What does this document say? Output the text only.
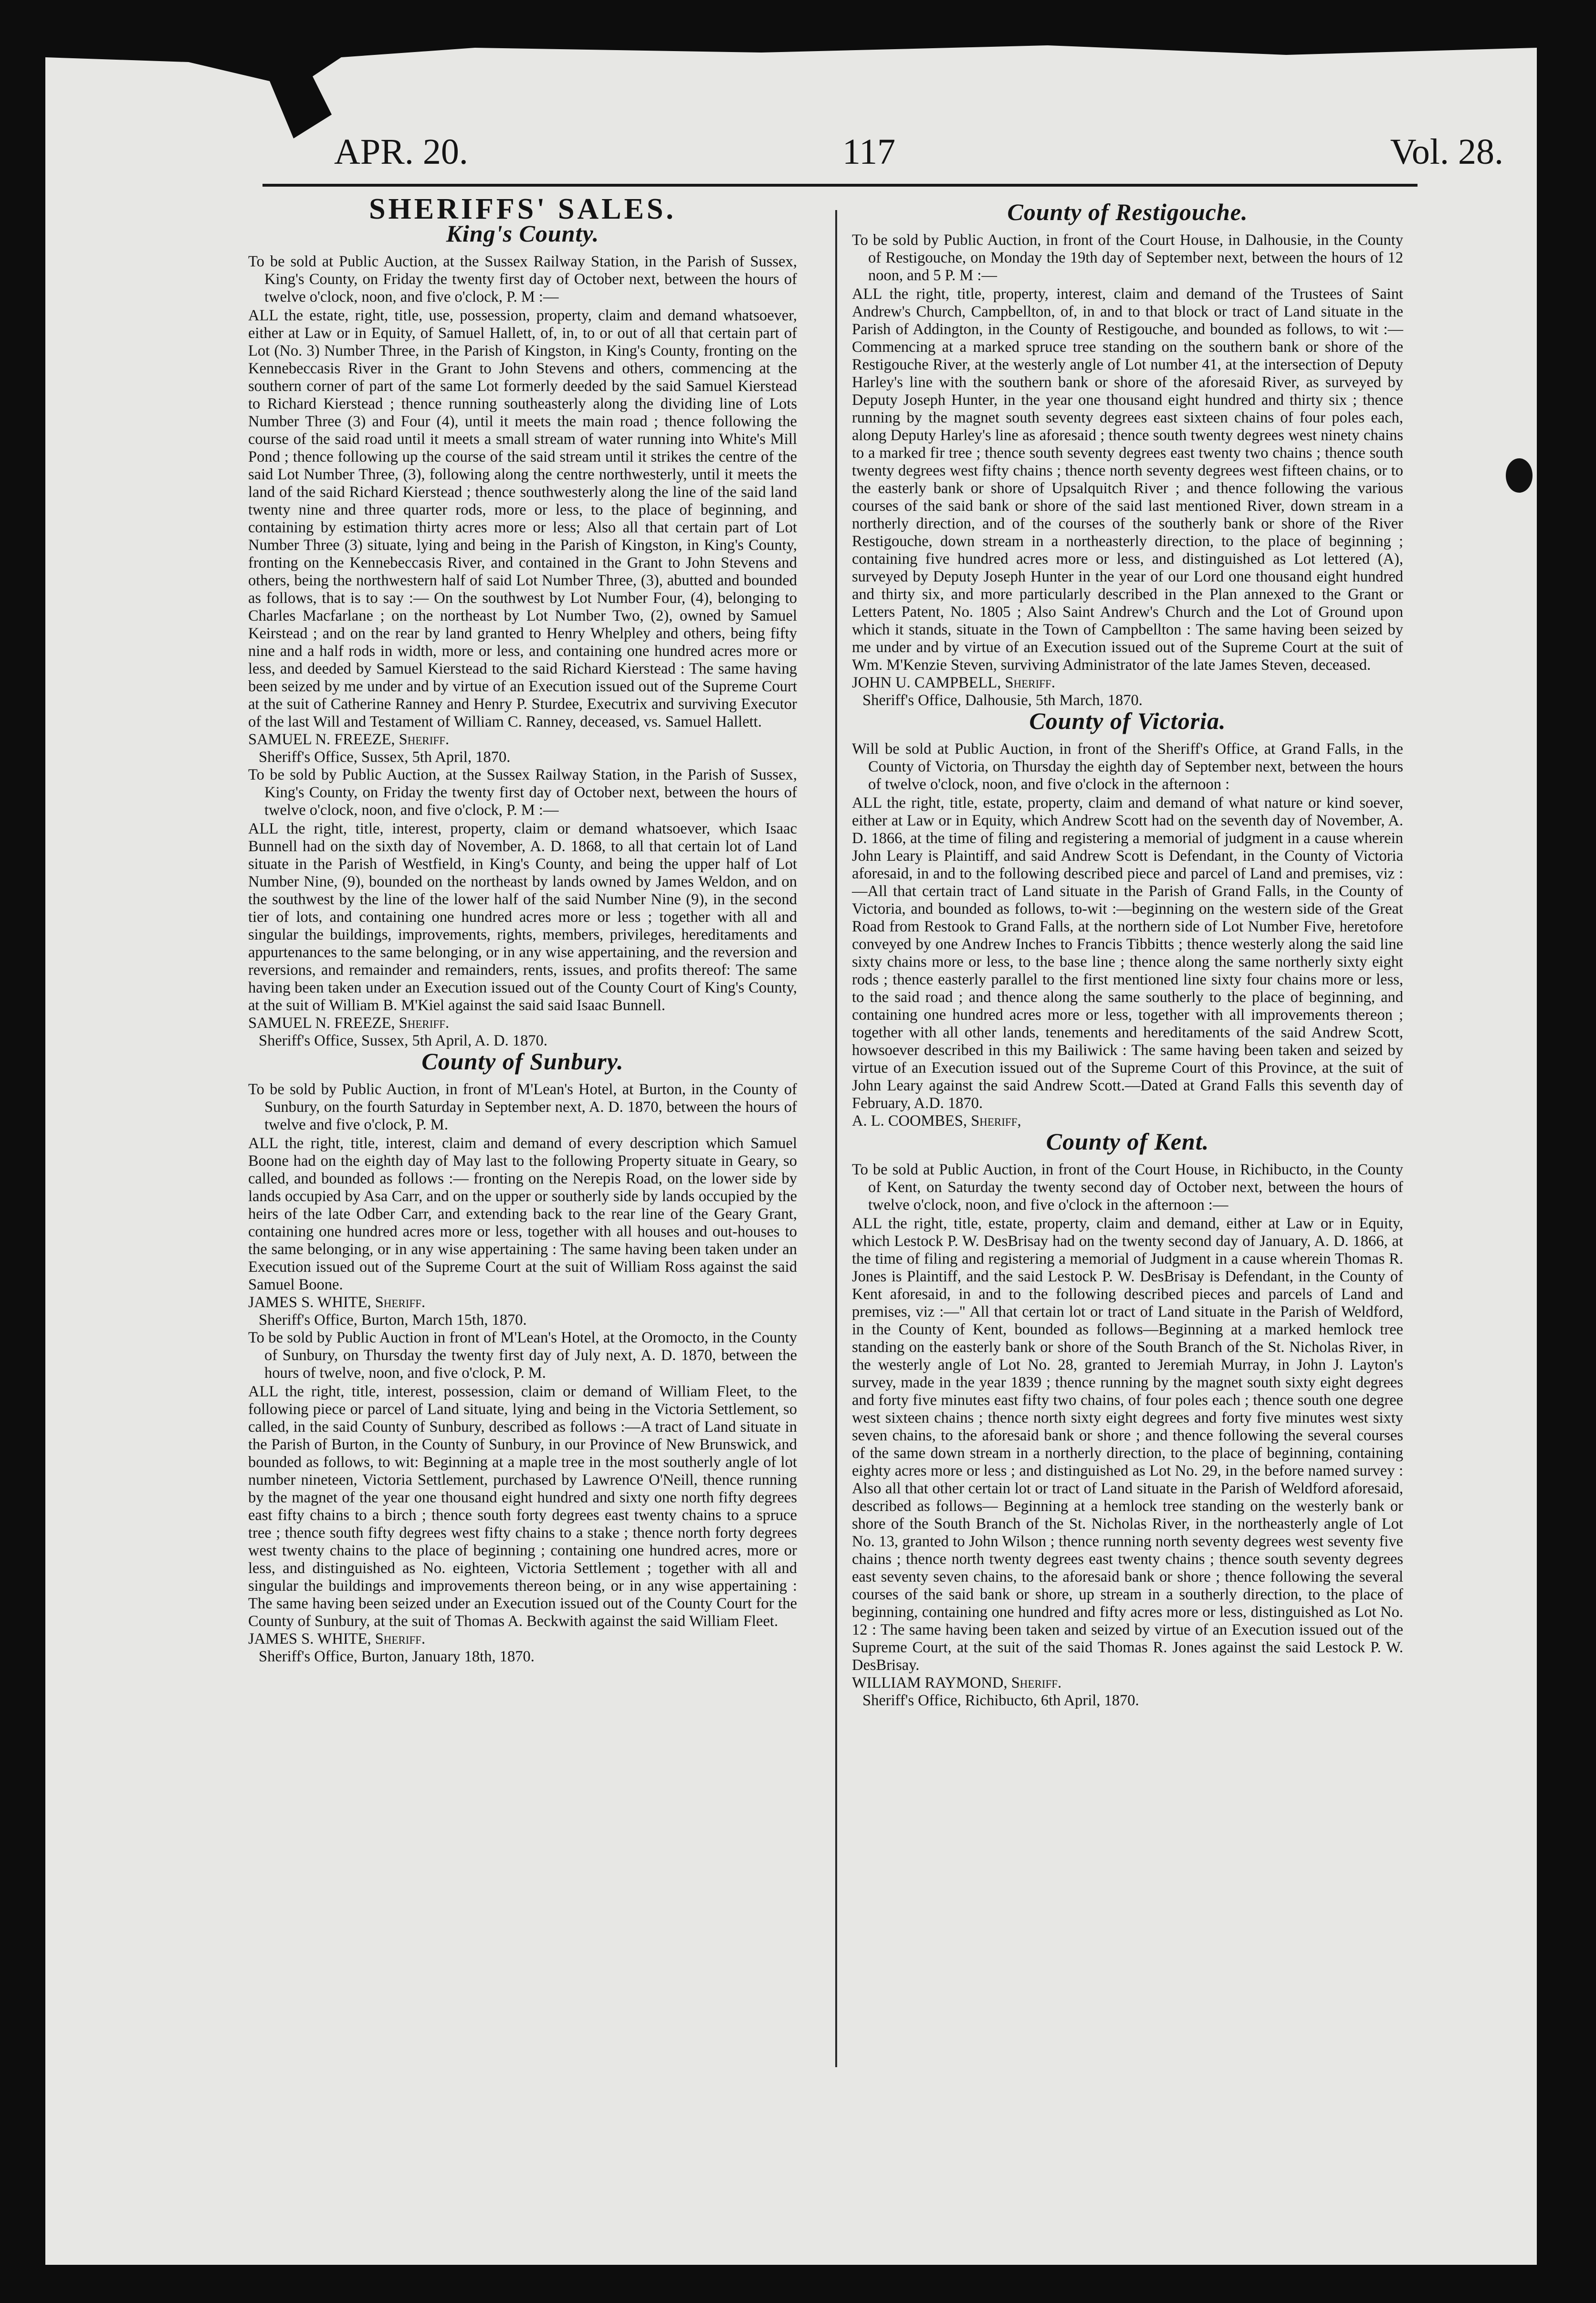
APR. 20.	117	Vol. 28.
SHERIFFS' SALES.
King's County.

To be sold at Public Auction, at the Sussex Railway Station, in the Parish of Sussex, King's County, on Friday the twenty first day of October next, between the hours of twelve o'clock, noon, and five o'clock, P. M :—

ALL the estate, right, title, use, possession, property, claim and demand whatsoever, either at Law or in Equity, of Samuel Hallett, of, in, to or out of all that certain part of Lot (No. 3) Number Three, in the Parish of Kingston, in King's County, fronting on the Kennebeccasis River in the Grant to John Stevens and others, commencing at the southern corner of part of the same Lot formerly deeded by the said Samuel Kierstead to Richard Kierstead ; thence running southeasterly along the dividing line of Lots Number Three (3) and Four (4), until it meets the main road ; thence following the course of the said road until it meets a small stream of water running into White's Mill Pond ; thence following up the course of the said stream until it strikes the centre of the said Lot Number Three, (3), following along the centre northwesterly, until it meets the land of the said Richard Kierstead ; thence southwesterly along the line of the said land twenty nine and three quarter rods, more or less, to the place of beginning, and containing by estimation thirty acres more or less; Also all that certain part of Lot Number Three (3) situate, lying and being in the Parish of Kingston, in King's County, fronting on the Kennebeccasis River, and contained in the Grant to John Stevens and others, being the northwestern half of said Lot Number Three, (3), abutted and bounded as follows, that is to say :— On the southwest by Lot Number Four, (4), belonging to Charles Macfarlane ; on the northeast by Lot Number Two, (2), owned by Samuel Keirstead ; and on the rear by land granted to Henry Whelpley and others, being fifty nine and a half rods in width, more or less, and containing one hundred acres more or less, and deeded by Samuel Kierstead to the said Richard Kierstead : The same having been seized by me under and by virtue of an Execution issued out of the Supreme Court at the suit of Catherine Ranney and Henry P. Sturdee, Executrix and surviving Executor of the last Will and Testament of William C. Ranney, deceased, vs. Samuel Hallett.

SAMUEL N. FREEZE, Sheriff.

Sheriff's Office, Sussex, 5th April, 1870.

To be sold by Public Auction, at the Sussex Railway Station, in the Parish of Sussex, King's County, on Friday the twenty first day of October next, between the hours of twelve o'clock, noon, and five o'clock, P. M :—

ALL the right, title, interest, property, claim or demand whatsoever, which Isaac Bunnell had on the sixth day of November, A. D. 1868, to all that certain lot of Land situate in the Parish of Westfield, in King's County, and being the upper half of Lot Number Nine, (9), bounded on the northeast by lands owned by James Weldon, and on the southwest by the line of the lower half of the said Number Nine (9), in the second tier of lots, and containing one hundred acres more or less ; together with all and singular the buildings, improvements, rights, members, privileges, hereditaments and appurtenances to the same belonging, or in any wise appertaining, and the reversion and reversions, and remainder and remainders, rents, issues, and profits thereof: The same having been taken under an Execution issued out of the County Court of King's County, at the suit of William B. M'Kiel against the said said Isaac Bunnell.

SAMUEL N. FREEZE, Sheriff.

Sheriff's Office, Sussex, 5th April, A. D. 1870.

County of Sunbury.

To be sold by Public Auction, in front of M'Lean's Hotel, at Burton, in the County of Sunbury, on the fourth Saturday in September next, A. D. 1870, between the hours of twelve and five o'clock, P. M.

ALL the right, title, interest, claim and demand of every description which Samuel Boone had on the eighth day of May last to the following Property situate in Geary, so called, and bounded as follows :— fronting on the Nerepis Road, on the lower side by lands occupied by Asa Carr, and on the upper or southerly side by lands occupied by the heirs of the late Odber Carr, and extending back to the rear line of the Geary Grant, containing one hundred acres more or less, together with all houses and out-houses to the same belonging, or in any wise appertaining : The same having been taken under an Execution issued out of the Supreme Court at the suit of William Ross against the said Samuel Boone.

JAMES S. WHITE, Sheriff.

Sheriff's Office, Burton, March 15th, 1870.

To be sold by Public Auction in front of M'Lean's Hotel, at the Oromocto, in the County of Sunbury, on Thursday the twenty first day of July next, A. D. 1870, between the hours of twelve, noon, and five o'clock, P. M.

ALL the right, title, interest, possession, claim or demand of William Fleet, to the following piece or parcel of Land situate, lying and being in the Victoria Settlement, so called, in the said County of Sunbury, described as follows :—A tract of Land situate in the Parish of Burton, in the County of Sunbury, in our Province of New Brunswick, and bounded as follows, to wit: Beginning at a maple tree in the most southerly angle of lot number nineteen, Victoria Settlement, purchased by Lawrence O'Neill, thence running by the magnet of the year one thousand eight hundred and sixty one north fifty degrees east fifty chains to a birch ; thence south forty degrees east twenty chains to a spruce tree ; thence south fifty degrees west fifty chains to a stake ; thence north forty degrees west twenty chains to the place of beginning ; containing one hundred acres, more or less, and distinguished as No. eighteen, Victoria Settlement ; together with all and singular the buildings and improvements thereon being, or in any wise appertaining : The same having been seized under an Execution issued out of the County Court for the County of Sunbury, at the suit of Thomas A. Beckwith against the said William Fleet.

JAMES S. WHITE, Sheriff.

Sheriff's Office, Burton, January 18th, 1870.

County of Restigouche.

To be sold by Public Auction, in front of the Court House, in Dalhousie, in the County of Restigouche, on Monday the 19th day of September next, between the hours of 12 noon, and 5 P. M :—

ALL the right, title, property, interest, claim and demand of the Trustees of Saint Andrew's Church, Campbellton, of, in and to that block or tract of Land situate in the Parish of Addington, in the County of Restigouche, and bounded as follows, to wit :—Commencing at a marked spruce tree standing on the southern bank or shore of the Restigouche River, at the westerly angle of Lot number 41, at the intersection of Deputy Harley's line with the southern bank or shore of the aforesaid River, as surveyed by Deputy Joseph Hunter, in the year one thousand eight hundred and thirty six ; thence running by the magnet south seventy degrees east sixteen chains of four poles each, along Deputy Harley's line as aforesaid ; thence south twenty degrees west ninety chains to a marked fir tree ; thence south seventy degrees east twenty two chains ; thence south twenty degrees west fifty chains ; thence north seventy degrees west fifteen chains, or to the easterly bank or shore of Upsalquitch River ; and thence following the various courses of the said bank or shore of the said last mentioned River, down stream in a northerly direction, and of the courses of the southerly bank or shore of the River Restigouche, down stream in a northeasterly direction, to the place of beginning ; containing five hundred acres more or less, and distinguished as Lot lettered (A), surveyed by Deputy Joseph Hunter in the year of our Lord one thousand eight hundred and thirty six, and more particularly described in the Plan annexed to the Grant or Letters Patent, No. 1805 ; Also Saint Andrew's Church and the Lot of Ground upon which it stands, situate in the Town of Campbellton : The same having been seized by me under and by virtue of an Execution issued out of the Supreme Court at the suit of Wm. M'Kenzie Steven, surviving Administrator of the late James Steven, deceased.

JOHN U. CAMPBELL, Sheriff.

Sheriff's Office, Dalhousie, 5th March, 1870.

County of Victoria.

Will be sold at Public Auction, in front of the Sheriff's Office, at Grand Falls, in the County of Victoria, on Thursday the eighth day of September next, between the hours of twelve o'clock, noon, and five o'clock in the afternoon :

ALL the right, title, estate, property, claim and demand of what nature or kind soever, either at Law or in Equity, which Andrew Scott had on the seventh day of November, A. D. 1866, at the time of filing and registering a memorial of judgment in a cause wherein John Leary is Plaintiff, and said Andrew Scott is Defendant, in the County of Victoria aforesaid, in and to the following described piece and parcel of Land and premises, viz :—All that certain tract of Land situate in the Parish of Grand Falls, in the County of Victoria, and bounded as follows, to-wit :—beginning on the western side of the Great Road from Restook to Grand Falls, at the northern side of Lot Number Five, heretofore conveyed by one Andrew Inches to Francis Tibbitts ; thence westerly along the said line sixty chains more or less, to the base line ; thence along the same northerly sixty eight rods ; thence easterly parallel to the first mentioned line sixty four chains more or less, to the said road ; and thence along the same southerly to the place of beginning, and containing one hundred acres more or less, together with all improvements thereon ; together with all other lands, tenements and hereditaments of the said Andrew Scott, howsoever described in this my Bailiwick : The same having been taken and seized by virtue of an Execution issued out of the Supreme Court of this Province, at the suit of John Leary against the said Andrew Scott.—Dated at Grand Falls this seventh day of February, A.D. 1870.

A. L. COOMBES, Sheriff,

County of Kent.

To be sold at Public Auction, in front of the Court House, in Richibucto, in the County of Kent, on Saturday the twenty second day of October next, between the hours of twelve o'clock, noon, and five o'clock in the afternoon :—

ALL the right, title, estate, property, claim and demand, either at Law or in Equity, which Lestock P. W. DesBrisay had on the twenty second day of January, A. D. 1866, at the time of filing and registering a memorial of Judgment in a cause wherein Thomas R. Jones is Plaintiff, and the said Lestock P. W. DesBrisay is Defendant, in the County of Kent aforesaid, in and to the following described pieces and parcels of Land and premises, viz :—" All that certain lot or tract of Land situate in the Parish of Weldford, in the County of Kent, bounded as follows—Beginning at a marked hemlock tree standing on the easterly bank or shore of the South Branch of the St. Nicholas River, in the westerly angle of Lot No. 28, granted to Jeremiah Murray, in John J. Layton's survey, made in the year 1839 ; thence running by the magnet south sixty eight degrees and forty five minutes east fifty two chains, of four poles each ; thence south one degree west sixteen chains ; thence north sixty eight degrees and forty five minutes west sixty seven chains, to the aforesaid bank or shore ; and thence following the several courses of the same down stream in a northerly direction, to the place of beginning, containing eighty acres more or less ; and distinguished as Lot No. 29, in the before named survey : Also all that other certain lot or tract of Land situate in the Parish of Weldford aforesaid, described as follows— Beginning at a hemlock tree standing on the westerly bank or shore of the South Branch of the St. Nicholas River, in the northeasterly angle of Lot No. 13, granted to John Wilson ; thence running north seventy degrees west seventy five chains ; thence north twenty degrees east twenty chains ; thence south seventy degrees east seventy seven chains, to the aforesaid bank or shore ; thence following the several courses of the said bank or shore, up stream in a southerly direction, to the place of beginning, containing one hundred and fifty acres more or less, distinguished as Lot No. 12 : The same having been taken and seized by virtue of an Execution issued out of the Supreme Court, at the suit of the said Thomas R. Jones against the said Lestock P. W. DesBrisay.

WILLIAM RAYMOND, Sheriff.

Sheriff's Office, Richibucto, 6th April, 1870.
